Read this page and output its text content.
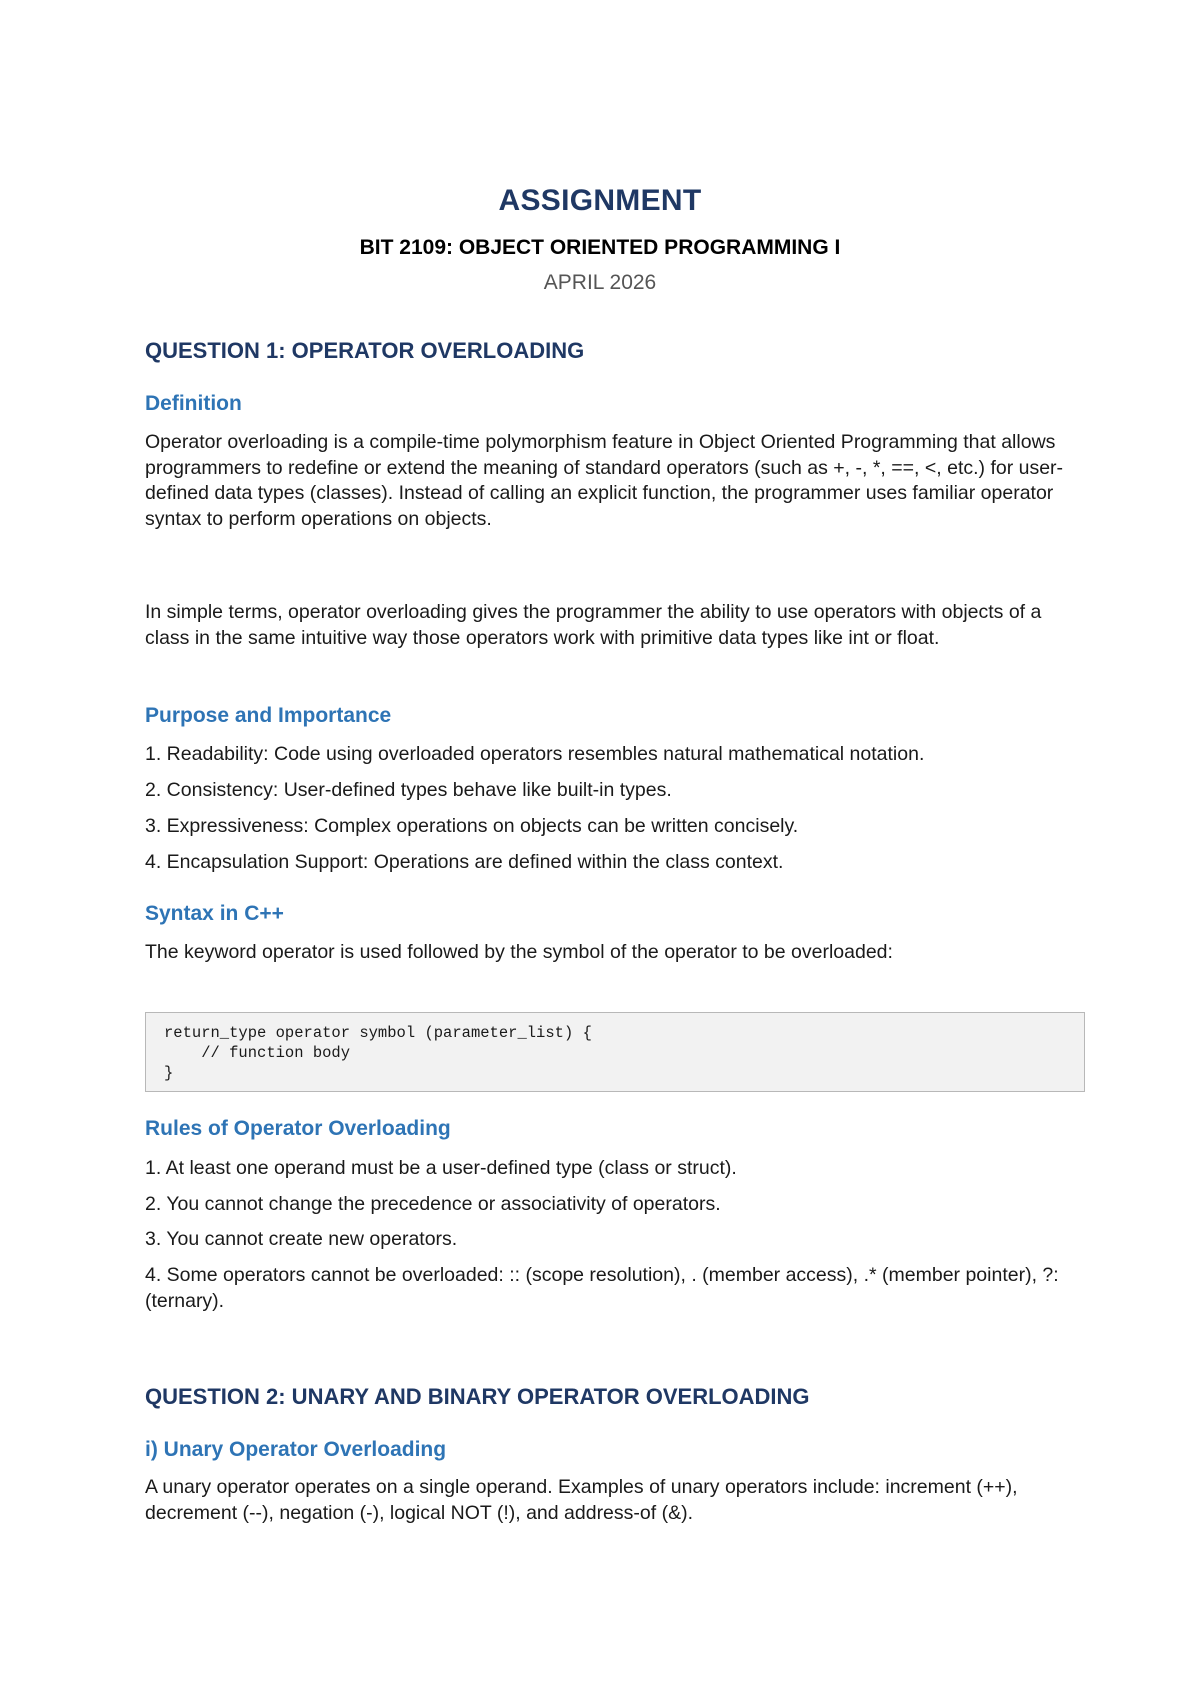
ASSIGNMENT
BIT 2109: OBJECT ORIENTED PROGRAMMING I
APRIL 2026
QUESTION 1: OPERATOR OVERLOADING
Definition
Operator overloading is a compile-time polymorphism feature in Object Oriented Programming that allows programmers to redefine or extend the meaning of standard operators (such as +, -, *, ==, <, etc.) for user-defined data types (classes). Instead of calling an explicit function, the programmer uses familiar operator syntax to perform operations on objects.
In simple terms, operator overloading gives the programmer the ability to use operators with objects of a class in the same intuitive way those operators work with primitive data types like int or float.
Purpose and Importance
1. Readability: Code using overloaded operators resembles natural mathematical notation.
2. Consistency: User-defined types behave like built-in types.
3. Expressiveness: Complex operations on objects can be written concisely.
4. Encapsulation Support: Operations are defined within the class context.
Syntax in C++
The keyword operator is used followed by the symbol of the operator to be overloaded:
return_type operator symbol (parameter_list) {
// function body
}
Rules of Operator Overloading
1. At least one operand must be a user-defined type (class or struct).
2. You cannot change the precedence or associativity of operators.
3. You cannot create new operators.
4. Some operators cannot be overloaded: :: (scope resolution), . (member access), .* (member pointer), ?: (ternary).
QUESTION 2: UNARY AND BINARY OPERATOR OVERLOADING
i) Unary Operator Overloading
A unary operator operates on a single operand. Examples of unary operators include: increment (++), decrement (--), negation (-), logical NOT (!), and address-of (&).
